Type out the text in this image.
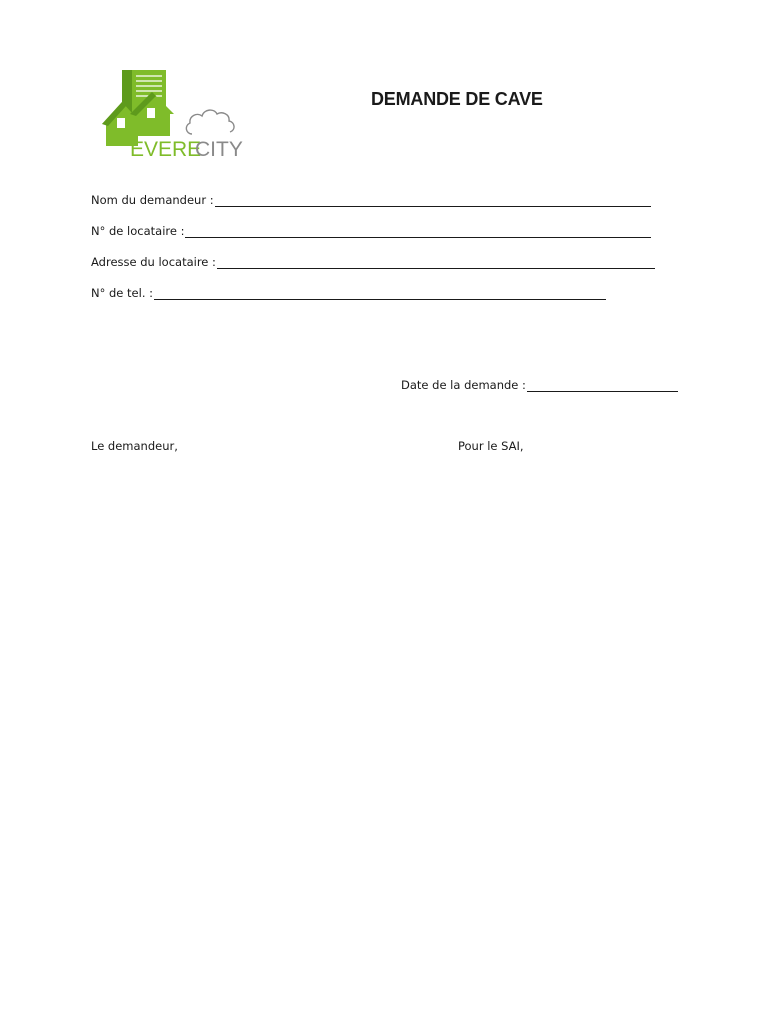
EVERE
CITY
DEMANDE DE CAVE
Nom du demandeur :
N° de locataire :
Adresse du locataire :
N° de tel. :
Date de la demande :
Le demandeur,	Pour le SAI,
